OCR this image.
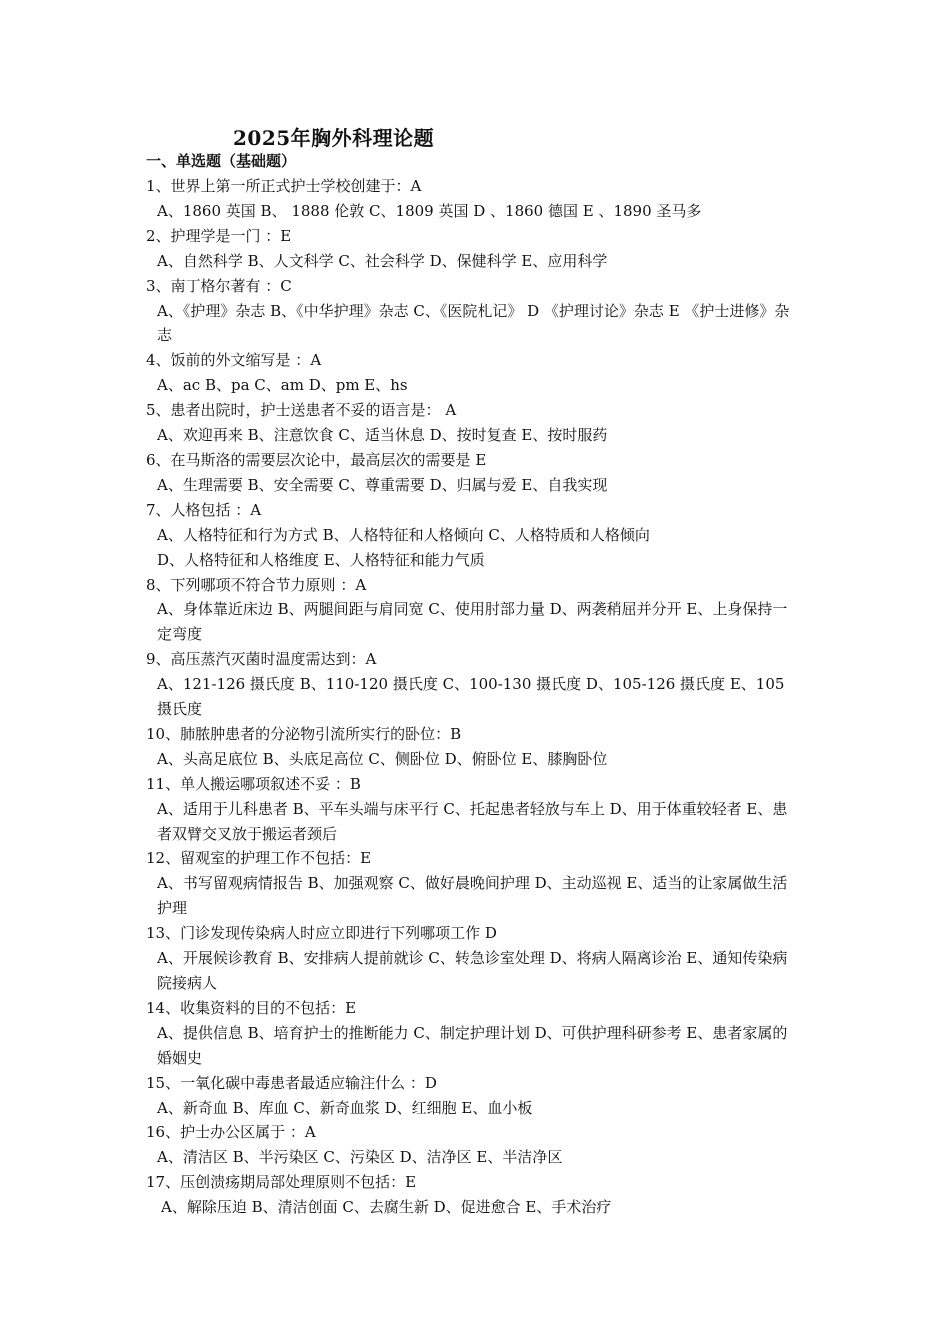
2025年胸外科理论题
一、单选题（基础题）
1、世界上第一所正式护士学校创建于：A
A、1860 英国 B、 1888 伦敦 C、1809 英国 D 、1860 德国 E 、1890 圣马多
2、护理学是一门 ：E
A、自然科学 B、人文科学 C、社会科学 D、保健科学 E、应用科学
3、南丁格尔著有 ：C
A、《护理》杂志 B、《中华护理》杂志 C、《医院札记》 D 《护理讨论》杂志 E 《护士进修》杂志
4、饭前的外文缩写是 ：A
A、ac B、pa C、am D、pm E、hs
5、患者出院时，护士送患者不妥的语言是： A
A、欢迎再来 B、注意饮食 C、适当休息 D、按时复查 E、按时服药
6、在马斯洛的需要层次论中，最高层次的需要是 E
A、生理需要 B、安全需要 C、尊重需要 D、归属与爱 E、自我实现
7、人格包括 ：A
A、人格特征和行为方式 B、人格特征和人格倾向 C、人格特质和人格倾向
D、人格特征和人格维度 E、人格特征和能力气质
8、下列哪项不符合节力原则 ：A
A、身体靠近床边 B、两腿间距与肩同宽 C、使用肘部力量 D、两袭稍屈并分开 E、上身保持一定弯度
9、高压蒸汽灭菌时温度需达到：A
A、121-126 摄氏度 B、110-120 摄氏度 C、100-130 摄氏度 D、105-126 摄氏度 E、105 摄氏度
10、肺脓肿患者的分泌物引流所实行的卧位：B
A、头高足底位 B、头底足高位 C、侧卧位 D、俯卧位 E、膝胸卧位
11、单人搬运哪项叙述不妥 ：B
A、适用于儿科患者 B、平车头端与床平行 C、托起患者轻放与车上 D、用于体重较轻者 E、患者双臂交叉放于搬运者颈后
12、留观室的护理工作不包括：E
A、书写留观病情报告 B、加强观察 C、做好晨晚间护理 D、主动巡视 E、适当的让家属做生活护理
13、门诊发现传染病人时应立即进行下列哪项工作 D
A、开展候诊教育 B、安排病人提前就诊 C、转急诊室处理 D、将病人隔离诊治 E、通知传染病院接病人
14、收集资料的目的不包括：E
A、提供信息 B、培育护士的推断能力 C、制定护理计划 D、可供护理科研参考 E、患者家属的婚姻史
15、一氧化碳中毒患者最适应输注什么 ：D
A、新奇血 B、库血 C、新奇血浆 D、红细胞 E、血小板
16、护士办公区属于 ：A
A、清洁区 B、半污染区 C、污染区 D、洁净区 E、半洁净区
17、压创溃疡期局部处理原则不包括：E
A、解除压迫 B、清洁创面 C、去腐生新 D、促进愈合 E、手术治疗
